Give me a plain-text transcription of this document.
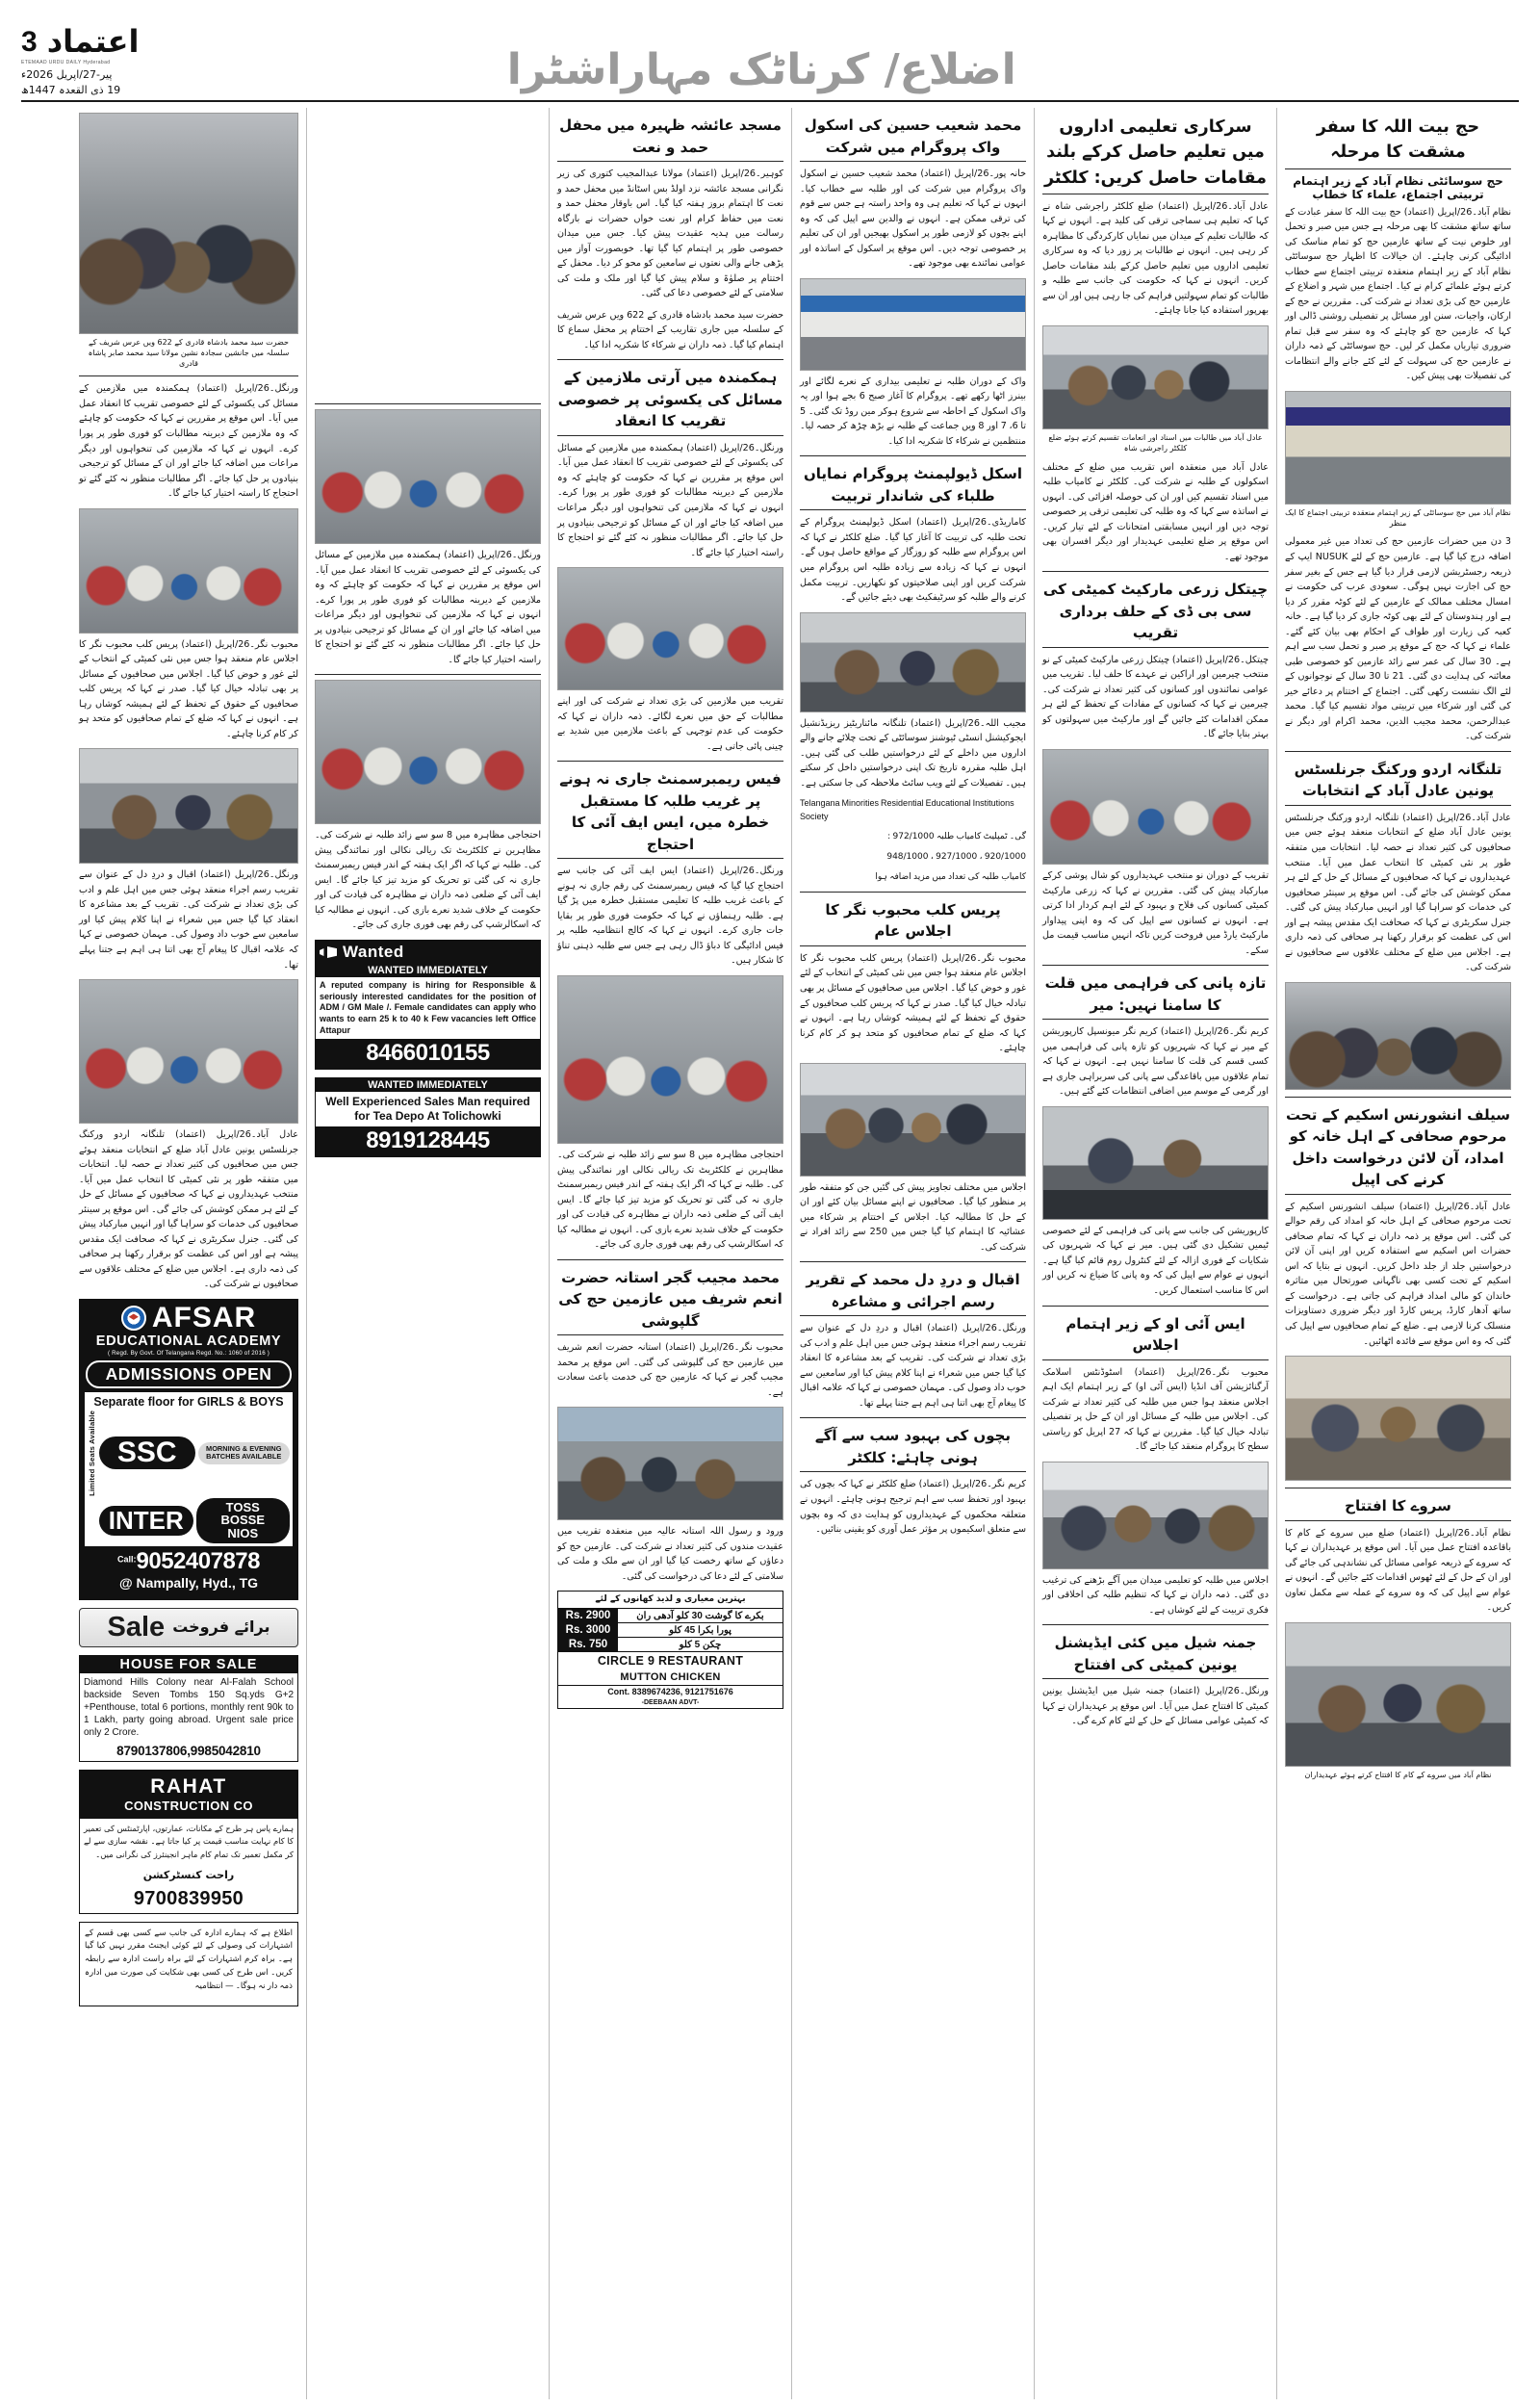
3 اعتماد
ETEMAAD URDU DAILY Hyderabad
پیر-27/اپریل 2026ء
19 ذی القعدہ 1447ھ	اضلاع/ کرناٹک مہاراشٹرا
حج بیت اللہ کا سفر مشقت کا مرحلہ
حج سوسائٹی نظام آباد کے زیر اہتمام تربیتی اجتماع، علماء کا خطاب
نظام آباد۔26/اپریل (اعتماد) حج بیت اللہ کا سفر عبادت کے ساتھ ساتھ مشقت کا بھی مرحلہ ہے جس میں صبر و تحمل اور خلوص نیت کے ساتھ عازمین حج کو تمام مناسک کی ادائیگی کرنی چاہئے۔ ان خیالات کا اظہار حج سوسائٹی نظام آباد کے زیر اہتمام منعقدہ تربیتی اجتماع سے خطاب کرتے ہوئے علمائے کرام نے کیا۔ اجتماع میں شہر و اضلاع کے عازمین حج کی بڑی تعداد نے شرکت کی۔ مقررین نے حج کے ارکان، واجبات، سنن اور مسائل پر تفصیلی روشنی ڈالی اور کہا کہ عازمین حج کو چاہئے کہ وہ سفر سے قبل تمام ضروری تیاریاں مکمل کر لیں۔ حج سوسائٹی کے ذمہ داران نے عازمین حج کی سہولت کے لئے کئے جانے والے انتظامات کی تفصیلات بھی پیش کیں۔
نظام آباد میں حج سوسائٹی کے زیر اہتمام منعقدہ تربیتی اجتماع کا ایک منظر
3 دن میں حضرات عازمین حج کی تعداد میں غیر معمولی اضافہ درج کیا گیا ہے۔ عازمین حج کے لئے NUSUK ایپ کے ذریعہ رجسٹریشن لازمی قرار دیا گیا ہے جس کے بغیر سفر حج کی اجازت نہیں ہوگی۔ سعودی عرب کی حکومت نے امسال مختلف ممالک کے عازمین کے لئے کوٹہ مقرر کر دیا ہے اور ہندوستان کے لئے بھی کوٹہ جاری کر دیا گیا ہے۔ خانہ کعبہ کی زیارت اور طواف کے احکام بھی بیان کئے گئے۔ علماء نے کہا کہ حج کے موقع پر صبر و تحمل سب سے اہم ہے۔ 30 سال کی عمر سے زائد عازمین کو خصوصی طبی معائنہ کی ہدایت دی گئی۔ 21 تا 30 سال کے نوجوانوں کے لئے الگ نشست رکھی گئی۔ اجتماع کے اختتام پر دعائے خیر کی گئی اور شرکاء میں تربیتی مواد تقسیم کیا گیا۔ محمد عبدالرحمن، محمد مجیب الدین، محمد اکرام اور دیگر نے شرکت کی۔
تلنگانہ اردو ورکنگ جرنلسٹس یونین عادل آباد کے انتخابات
عادل آباد۔26/اپریل (اعتماد) تلنگانہ اردو ورکنگ جرنلسٹس یونین عادل آباد ضلع کے انتخابات منعقد ہوئے جس میں صحافیوں کی کثیر تعداد نے حصہ لیا۔ انتخابات میں متفقہ طور پر نئی کمیٹی کا انتخاب عمل میں آیا۔ منتخب عہدیداروں نے کہا کہ صحافیوں کے مسائل کے حل کے لئے ہر ممکن کوشش کی جائے گی۔ اس موقع پر سینئر صحافیوں کی خدمات کو سراہا گیا اور انہیں مبارکباد پیش کی گئی۔ جنرل سکریٹری نے کہا کہ صحافت ایک مقدس پیشہ ہے اور اس کی عظمت کو برقرار رکھنا ہر صحافی کی ذمہ داری ہے۔ اجلاس میں ضلع کے مختلف علاقوں سے صحافیوں نے شرکت کی۔
سیلف انشورنس اسکیم کے تحت مرحوم صحافی کے اہل خانہ کو امداد، آن لائن درخواست داخل کرنے کی اپیل
عادل آباد۔26/اپریل (اعتماد) سیلف انشورنس اسکیم کے تحت مرحوم صحافی کے اہل خانہ کو امداد کی رقم حوالے کی گئی۔ اس موقع پر ذمہ داران نے کہا کہ تمام صحافی حضرات اس اسکیم سے استفادہ کریں اور اپنی آن لائن درخواستیں جلد از جلد داخل کریں۔ انہوں نے بتایا کہ اس اسکیم کے تحت کسی بھی ناگہانی صورتحال میں متاثرہ خاندان کو مالی امداد فراہم کی جاتی ہے۔ درخواست کے ساتھ آدھار کارڈ، پریس کارڈ اور دیگر ضروری دستاویزات منسلک کرنا لازمی ہے۔ ضلع کے تمام صحافیوں سے اپیل کی گئی کہ وہ اس موقع سے فائدہ اٹھائیں۔
سروے کا افتتاح
نظام آباد۔26/اپریل (اعتماد) ضلع میں سروے کے کام کا باقاعدہ افتتاح عمل میں آیا۔ اس موقع پر عہدیداران نے کہا کہ سروے کے ذریعہ عوامی مسائل کی نشاندہی کی جائے گی اور ان کے حل کے لئے ٹھوس اقدامات کئے جائیں گے۔ انہوں نے عوام سے اپیل کی کہ وہ سروے کے عملہ سے مکمل تعاون کریں۔
نظام آباد میں سروے کے کام کا افتتاح کرتے ہوئے عہدیداران
سرکاری تعلیمی اداروں میں تعلیم حاصل کرکے بلند مقامات حاصل کریں: کلکٹر
عادل آباد۔26/اپریل (اعتماد) ضلع کلکٹر راجرشی شاہ نے کہا کہ تعلیم ہی سماجی ترقی کی کلید ہے۔ انہوں نے کہا کہ طالبات تعلیم کے میدان میں نمایاں کارکردگی کا مظاہرہ کر رہی ہیں۔ انہوں نے طالبات پر زور دیا کہ وہ سرکاری تعلیمی اداروں میں تعلیم حاصل کرکے بلند مقامات حاصل کریں۔ انہوں نے کہا کہ حکومت کی جانب سے طلبہ و طالبات کو تمام سہولتیں فراہم کی جا رہی ہیں اور ان سے بھرپور استفادہ کیا جانا چاہئے۔
عادل آباد میں طالبات میں اسناد اور انعامات تقسیم کرتے ہوئے ضلع کلکٹر راجرشی شاہ
عادل آباد میں منعقدہ اس تقریب میں ضلع کے مختلف اسکولوں کے طلبہ نے شرکت کی۔ کلکٹر نے کامیاب طلبہ میں اسناد تقسیم کیں اور ان کی حوصلہ افزائی کی۔ انہوں نے اساتذہ سے کہا کہ وہ طلبہ کی تعلیمی ترقی پر خصوصی توجہ دیں اور انہیں مسابقتی امتحانات کے لئے تیار کریں۔ اس موقع پر ضلع تعلیمی عہدیدار اور دیگر افسران بھی موجود تھے۔
چیتکل زرعی مارکیٹ کمیٹی کی سی بی ڈی کے حلف برداری تقریب
چیتکل۔26/اپریل (اعتماد) چیتکل زرعی مارکیٹ کمیٹی کے نو منتخب چیرمین اور اراکین نے عہدے کا حلف لیا۔ تقریب میں عوامی نمائندوں اور کسانوں کی کثیر تعداد نے شرکت کی۔ چیرمین نے کہا کہ کسانوں کے مفادات کے تحفظ کے لئے ہر ممکن اقدامات کئے جائیں گے اور مارکیٹ میں سہولتوں کو بہتر بنایا جائے گا۔
تقریب کے دوران نو منتخب عہدیداروں کو شال پوشی کرکے مبارکباد پیش کی گئی۔ مقررین نے کہا کہ زرعی مارکیٹ کمیٹی کسانوں کی فلاح و بہبود کے لئے اہم کردار ادا کرتی ہے۔ انہوں نے کسانوں سے اپیل کی کہ وہ اپنی پیداوار مارکیٹ یارڈ میں فروخت کریں تاکہ انہیں مناسب قیمت مل سکے۔
تازہ پانی کی فراہمی میں قلت کا سامنا نہیں: میر
کریم نگر۔26/اپریل (اعتماد) کریم نگر میونسپل کارپوریشن کے میر نے کہا کہ شہریوں کو تازہ پانی کی فراہمی میں کسی قسم کی قلت کا سامنا نہیں ہے۔ انہوں نے کہا کہ تمام علاقوں میں باقاعدگی سے پانی کی سربراہی جاری ہے اور گرمی کے موسم میں اضافی انتظامات کئے گئے ہیں۔
کارپوریشن کی جانب سے پانی کی فراہمی کے لئے خصوصی ٹیمیں تشکیل دی گئی ہیں۔ میر نے کہا کہ شہریوں کی شکایات کے فوری ازالہ کے لئے کنٹرول روم قائم کیا گیا ہے۔ انہوں نے عوام سے اپیل کی کہ وہ پانی کا ضیاع نہ کریں اور اس کا مناسب استعمال کریں۔
ایس آئی او کے زیر اہتمام اجلاس
محبوب نگر۔26/اپریل (اعتماد) اسٹوڈنٹس اسلامک آرگنائزیشن آف انڈیا (ایس آئی او) کے زیر اہتمام ایک اہم اجلاس منعقد ہوا جس میں طلبہ کی کثیر تعداد نے شرکت کی۔ اجلاس میں طلبہ کے مسائل اور ان کے حل پر تفصیلی تبادلہ خیال کیا گیا۔ مقررین نے کہا کہ 27 اپریل کو ریاستی سطح کا پروگرام منعقد کیا جائے گا۔
اجلاس میں طلبہ کو تعلیمی میدان میں آگے بڑھنے کی ترغیب دی گئی۔ ذمہ داران نے کہا کہ تنظیم طلبہ کی اخلاقی اور فکری تربیت کے لئے کوشاں ہے۔
جمنہ شیل میں کئی ایڈیشنل یونین کمیٹی کی افتتاح
ورنگل۔26/اپریل (اعتماد) جمنہ شیل میں ایڈیشنل یونین کمیٹی کا افتتاح عمل میں آیا۔ اس موقع پر عہدیداران نے کہا کہ کمیٹی عوامی مسائل کے حل کے لئے کام کرے گی۔
محمد شعیب حسین کی اسکول واک پروگرام میں شرکت
خانہ پور۔26/اپریل (اعتماد) محمد شعیب حسین نے اسکول واک پروگرام میں شرکت کی اور طلبہ سے خطاب کیا۔ انہوں نے کہا کہ تعلیم ہی وہ واحد راستہ ہے جس سے قوم کی ترقی ممکن ہے۔ انہوں نے والدین سے اپیل کی کہ وہ اپنے بچوں کو لازمی طور پر اسکول بھیجیں اور ان کی تعلیم پر خصوصی توجہ دیں۔ اس موقع پر اسکول کے اساتذہ اور عوامی نمائندے بھی موجود تھے۔
واک کے دوران طلبہ نے تعلیمی بیداری کے نعرے لگائے اور بینرز اٹھا رکھے تھے۔ پروگرام کا آغاز صبح 6 بجے ہوا اور یہ واک اسکول کے احاطہ سے شروع ہوکر مین روڈ تک گئی۔ 5 تا 6، 7 اور 8 ویں جماعت کے طلبہ نے بڑھ چڑھ کر حصہ لیا۔ منتظمین نے شرکاء کا شکریہ ادا کیا۔
اسکل ڈیولپمنٹ پروگرام نمایاں طلباء کی شاندار تربیت
کاماریڈی۔26/اپریل (اعتماد) اسکل ڈیولپمنٹ پروگرام کے تحت طلبہ کی تربیت کا آغاز کیا گیا۔ ضلع کلکٹر نے کہا کہ اس پروگرام سے طلبہ کو روزگار کے مواقع حاصل ہوں گے۔ انہوں نے کہا کہ زیادہ سے زیادہ طلبہ اس پروگرام میں شرکت کریں اور اپنی صلاحیتوں کو نکھاریں۔ تربیت مکمل کرنے والے طلبہ کو سرٹیفکیٹ بھی دیئے جائیں گے۔
مجیب اللہ۔26/اپریل (اعتماد) تلنگانہ مائناریٹیز ریزیڈنشیل ایجوکیشنل انسٹی ٹیوشنز سوسائٹی کے تحت چلائے جانے والے اداروں میں داخلے کے لئے درخواستیں طلب کی گئی ہیں۔ اہل طلبہ مقررہ تاریخ تک اپنی درخواستیں داخل کر سکتے ہیں۔ تفصیلات کے لئے ویب سائٹ ملاحظہ کی جا سکتی ہے۔
Telangana Minorities Residential Educational Institutions Society
گی۔ ٹمپلیٹ کامیاب طلبہ 972/1000 :
920/1000 ، 927/1000 ، 948/1000
کامیاب طلبہ کی تعداد میں مزید اضافہ ہوا
پریس کلب محبوب نگر کا اجلاس عام
محبوب نگر۔26/اپریل (اعتماد) پریس کلب محبوب نگر کا اجلاس عام منعقد ہوا جس میں نئی کمیٹی کے انتخاب کے لئے غور و خوض کیا گیا۔ اجلاس میں صحافیوں کے مسائل پر بھی تبادلہ خیال کیا گیا۔ صدر نے کہا کہ پریس کلب صحافیوں کے حقوق کے تحفظ کے لئے ہمیشہ کوشاں رہا ہے۔ انہوں نے کہا کہ ضلع کے تمام صحافیوں کو متحد ہو کر کام کرنا چاہئے۔
اجلاس میں مختلف تجاویز پیش کی گئیں جن کو متفقہ طور پر منظور کیا گیا۔ صحافیوں نے اپنے مسائل بیان کئے اور ان کے حل کا مطالبہ کیا۔ اجلاس کے اختتام پر شرکاء میں عشائیہ کا اہتمام کیا گیا جس میں 250 سے زائد افراد نے شرکت کی۔
اقبال و دردِ دل محمد کے تقریر رسم اجرائی و مشاعرہ
ورنگل۔26/اپریل (اعتماد) اقبال و دردِ دل کے عنوان سے تقریب رسم اجراء منعقد ہوئی جس میں اہل علم و ادب کی بڑی تعداد نے شرکت کی۔ تقریب کے بعد مشاعرہ کا انعقاد کیا گیا جس میں شعراء نے اپنا کلام پیش کیا اور سامعین سے خوب داد وصول کی۔ مہمان خصوصی نے کہا کہ علامہ اقبال کا پیغام آج بھی اتنا ہی اہم ہے جتنا پہلے تھا۔
بچوں کی بہبود سب سے آگے ہونی چاہئے: کلکٹر
کریم نگر۔26/اپریل (اعتماد) ضلع کلکٹر نے کہا کہ بچوں کی بہبود اور تحفظ سب سے اہم ترجیح ہونی چاہئے۔ انہوں نے متعلقہ محکموں کے عہدیداروں کو ہدایت دی کہ وہ بچوں سے متعلق اسکیموں پر مؤثر عمل آوری کو یقینی بنائیں۔
مسجد عائشہ ظہیرہ میں محفل حمد و نعت
کوہیر۔26/اپریل (اعتماد) مولانا عبدالمجیب کتوری کی زیر نگرانی مسجد عائشہ نزد اولڈ بس اسٹانڈ میں محفل حمد و نعت کا اہتمام بروز ہفتہ کیا گیا۔ اس باوقار محفل حمد و نعت میں حفاظ کرام اور نعت خواں حضرات نے بارگاہ رسالت میں ہدیہ عقیدت پیش کیا۔ جس میں میدان خصوصی طور پر اہتمام کیا گیا تھا۔ خوبصورت آواز میں پڑھی جانے والی نعتوں نے سامعین کو محو کر دیا۔ محفل کے اختتام پر صلوٰۃ و سلام پیش کیا گیا اور ملک و ملت کی سلامتی کے لئے خصوصی دعا کی گئی۔
حضرت سید محمد بادشاہ قادری کے 622 ویں عرس شریف کے سلسلہ میں جاری تقاریب کے اختتام پر محفل سماع کا اہتمام کیا گیا۔ ذمہ داران نے شرکاء کا شکریہ ادا کیا۔
ہمکمندہ میں آرتی ملازمین کے مسائل کی یکسوئی پر خصوصی تقریب کا انعقاد
ورنگل۔26/اپریل (اعتماد) ہمکمندہ میں ملازمین کے مسائل کی یکسوئی کے لئے خصوصی تقریب کا انعقاد عمل میں آیا۔ اس موقع پر مقررین نے کہا کہ حکومت کو چاہئے کہ وہ ملازمین کے دیرینہ مطالبات کو فوری طور پر پورا کرے۔ انہوں نے کہا کہ ملازمین کی تنخواہوں اور دیگر مراعات میں اضافہ کیا جائے اور ان کے مسائل کو ترجیحی بنیادوں پر حل کیا جائے۔ اگر مطالبات منظور نہ کئے گئے تو احتجاج کا راستہ اختیار کیا جائے گا۔
تقریب میں ملازمین کی بڑی تعداد نے شرکت کی اور اپنے مطالبات کے حق میں نعرے لگائے۔ ذمہ داران نے کہا کہ حکومت کی عدم توجہی کے باعث ملازمین میں شدید بے چینی پائی جاتی ہے۔
فیس ریمبرسمنٹ جاری نہ ہونے پر غریب طلبہ کا مستقبل خطرہ میں، ایس ایف آئی کا احتجاج
ورنگل۔26/اپریل (اعتماد) ایس ایف آئی کی جانب سے احتجاج کیا گیا کہ فیس ریمبرسمنٹ کی رقم جاری نہ ہونے کے باعث غریب طلبہ کا تعلیمی مستقبل خطرہ میں پڑ گیا ہے۔ طلبہ رہنماؤں نے کہا کہ حکومت فوری طور پر بقایا جات جاری کرے۔ انہوں نے کہا کہ کالج انتظامیہ طلبہ پر فیس ادائیگی کا دباؤ ڈال رہی ہے جس سے طلبہ ذہنی تناؤ کا شکار ہیں۔
احتجاجی مظاہرہ میں 8 سو سے زائد طلبہ نے شرکت کی۔ مظاہرین نے کلکٹریٹ تک ریالی نکالی اور نمائندگی پیش کی۔ طلبہ نے کہا کہ اگر ایک ہفتہ کے اندر فیس ریمبرسمنٹ جاری نہ کی گئی تو تحریک کو مزید تیز کیا جائے گا۔ ایس ایف آئی کے ضلعی ذمہ داران نے مظاہرہ کی قیادت کی اور حکومت کے خلاف شدید نعرے بازی کی۔ انہوں نے مطالبہ کیا کہ اسکالرشپ کی رقم بھی فوری جاری کی جائے۔
محمد مجیب گجر استانہ حضرت انعم شریف میں عازمین حج کی گلپوشی
محبوب نگر۔26/اپریل (اعتماد) استانہ حضرت انعم شریف میں عازمین حج کی گلپوشی کی گئی۔ اس موقع پر محمد مجیب گجر نے کہا کہ عازمین حج کی خدمت باعث سعادت ہے۔
ورود و رسول اللہ استانہ عالیہ میں منعقدہ تقریب میں عقیدت مندوں کی کثیر تعداد نے شرکت کی۔ عازمین حج کو دعاؤں کے ساتھ رخصت کیا گیا اور ان سے ملک و ملت کی سلامتی کے لئے دعا کی درخواست کی گئی۔
بہترین معیاری و لذیذ کھانوں کے لئے
Rs. 2900	بکرے کا گوشت 30 کلو آدھی ران
Rs. 3000	پورا بکرا 45 کلو
Rs. 750	چکن 5 کلو
CIRCLE 9 RESTAURANT
MUTTON CHICKEN
Cont. 8389674236, 9121751676
-DEEBAAN ADVT-
ورنگل۔26/اپریل (اعتماد) ہمکمندہ میں ملازمین کے مسائل کی یکسوئی کے لئے خصوصی تقریب کا انعقاد عمل میں آیا۔ اس موقع پر مقررین نے کہا کہ حکومت کو چاہئے کہ وہ ملازمین کے دیرینہ مطالبات کو فوری طور پر پورا کرے۔ انہوں نے کہا کہ ملازمین کی تنخواہوں اور دیگر مراعات میں اضافہ کیا جائے اور ان کے مسائل کو ترجیحی بنیادوں پر حل کیا جائے۔ اگر مطالبات منظور نہ کئے گئے تو احتجاج کا راستہ اختیار کیا جائے گا۔
احتجاجی مظاہرہ میں 8 سو سے زائد طلبہ نے شرکت کی۔ مظاہرین نے کلکٹریٹ تک ریالی نکالی اور نمائندگی پیش کی۔ طلبہ نے کہا کہ اگر ایک ہفتہ کے اندر فیس ریمبرسمنٹ جاری نہ کی گئی تو تحریک کو مزید تیز کیا جائے گا۔ ایس ایف آئی کے ضلعی ذمہ داران نے مظاہرہ کی قیادت کی اور حکومت کے خلاف شدید نعرے بازی کی۔ انہوں نے مطالبہ کیا کہ اسکالرشپ کی رقم بھی فوری جاری کی جائے۔
Wanted
WANTED IMMEDIATELY
A reputed company is hiring for Responsible & seriously interested candidates for the position of ADM / GM Male /. Female candidates can apply who wants to earn 25 k to 40 k Few vacancies left Office Attapur
8466010155
WANTED IMMEDIATELY
Well Experienced Sales Man required for Tea Depo At Tolichowki
8919128445
حضرت سید محمد بادشاہ قادری کے 622 ویں عرس شریف کے سلسلہ میں جانشین سجادہ نشین مولانا سید محمد صابر پاشاہ قادری
ورنگل۔26/اپریل (اعتماد) ہمکمندہ میں ملازمین کے مسائل کی یکسوئی کے لئے خصوصی تقریب کا انعقاد عمل میں آیا۔ اس موقع پر مقررین نے کہا کہ حکومت کو چاہئے کہ وہ ملازمین کے دیرینہ مطالبات کو فوری طور پر پورا کرے۔ انہوں نے کہا کہ ملازمین کی تنخواہوں اور دیگر مراعات میں اضافہ کیا جائے اور ان کے مسائل کو ترجیحی بنیادوں پر حل کیا جائے۔ اگر مطالبات منظور نہ کئے گئے تو احتجاج کا راستہ اختیار کیا جائے گا۔
محبوب نگر۔26/اپریل (اعتماد) پریس کلب محبوب نگر کا اجلاس عام منعقد ہوا جس میں نئی کمیٹی کے انتخاب کے لئے غور و خوض کیا گیا۔ اجلاس میں صحافیوں کے مسائل پر بھی تبادلہ خیال کیا گیا۔ صدر نے کہا کہ پریس کلب صحافیوں کے حقوق کے تحفظ کے لئے ہمیشہ کوشاں رہا ہے۔ انہوں نے کہا کہ ضلع کے تمام صحافیوں کو متحد ہو کر کام کرنا چاہئے۔
ورنگل۔26/اپریل (اعتماد) اقبال و دردِ دل کے عنوان سے تقریب رسم اجراء منعقد ہوئی جس میں اہل علم و ادب کی بڑی تعداد نے شرکت کی۔ تقریب کے بعد مشاعرہ کا انعقاد کیا گیا جس میں شعراء نے اپنا کلام پیش کیا اور سامعین سے خوب داد وصول کی۔ مہمان خصوصی نے کہا کہ علامہ اقبال کا پیغام آج بھی اتنا ہی اہم ہے جتنا پہلے تھا۔
عادل آباد۔26/اپریل (اعتماد) تلنگانہ اردو ورکنگ جرنلسٹس یونین عادل آباد ضلع کے انتخابات منعقد ہوئے جس میں صحافیوں کی کثیر تعداد نے حصہ لیا۔ انتخابات میں متفقہ طور پر نئی کمیٹی کا انتخاب عمل میں آیا۔ منتخب عہدیداروں نے کہا کہ صحافیوں کے مسائل کے حل کے لئے ہر ممکن کوشش کی جائے گی۔ اس موقع پر سینئر صحافیوں کی خدمات کو سراہا گیا اور انہیں مبارکباد پیش کی گئی۔ جنرل سکریٹری نے کہا کہ صحافت ایک مقدس پیشہ ہے اور اس کی عظمت کو برقرار رکھنا ہر صحافی کی ذمہ داری ہے۔ اجلاس میں ضلع کے مختلف علاقوں سے صحافیوں نے شرکت کی۔
AFSAR
EDUCATIONAL ACADEMY
( Regd. By Govt. Of Telangana Regd. No.: 1060 of 2016 )
ADMISSIONS OPEN
Separate floor for GIRLS & BOYS
Limited Seats Available SSC	MORNING & EVENING
BATCHES AVAILABLE
INTER	TOSS
BOSSE
NIOS
$^{Call:}$9052407878
@ Nampally, Hyd., TG
Sale برائے فروخت
HOUSE FOR SALE
Diamond Hills Colony near Al-Falah School backside Seven Tombs 150 Sq.yds G+2 +Penthouse, total 6 portions, monthly rent 90k to 1 Lakh, party going abroad. Urgent sale price only 2 Crore.
8790137806,9985042810
RAHAT
CONSTRUCTION CO
ہمارے پاس ہر طرح کے مکانات، عمارتوں، اپارٹمنٹس کی تعمیر کا کام نہایت مناسب قیمت پر کیا جاتا ہے۔ نقشہ سازی سے لے کر مکمل تعمیر تک تمام کام ماہر انجینئرز کی نگرانی میں۔
راحت کنسٹرکشن
9700839950
اطلاع ہے کہ ہمارے ادارہ کی جانب سے کسی بھی قسم کے اشتہارات کی وصولی کے لئے کوئی ایجنٹ مقرر نہیں کیا گیا ہے۔ براہ کرم اشتہارات کے لئے براہ راست ادارہ سے رابطہ کریں۔ اس طرح کی کسی بھی شکایت کی صورت میں ادارہ ذمہ دار نہ ہوگا۔ — انتظامیہ
